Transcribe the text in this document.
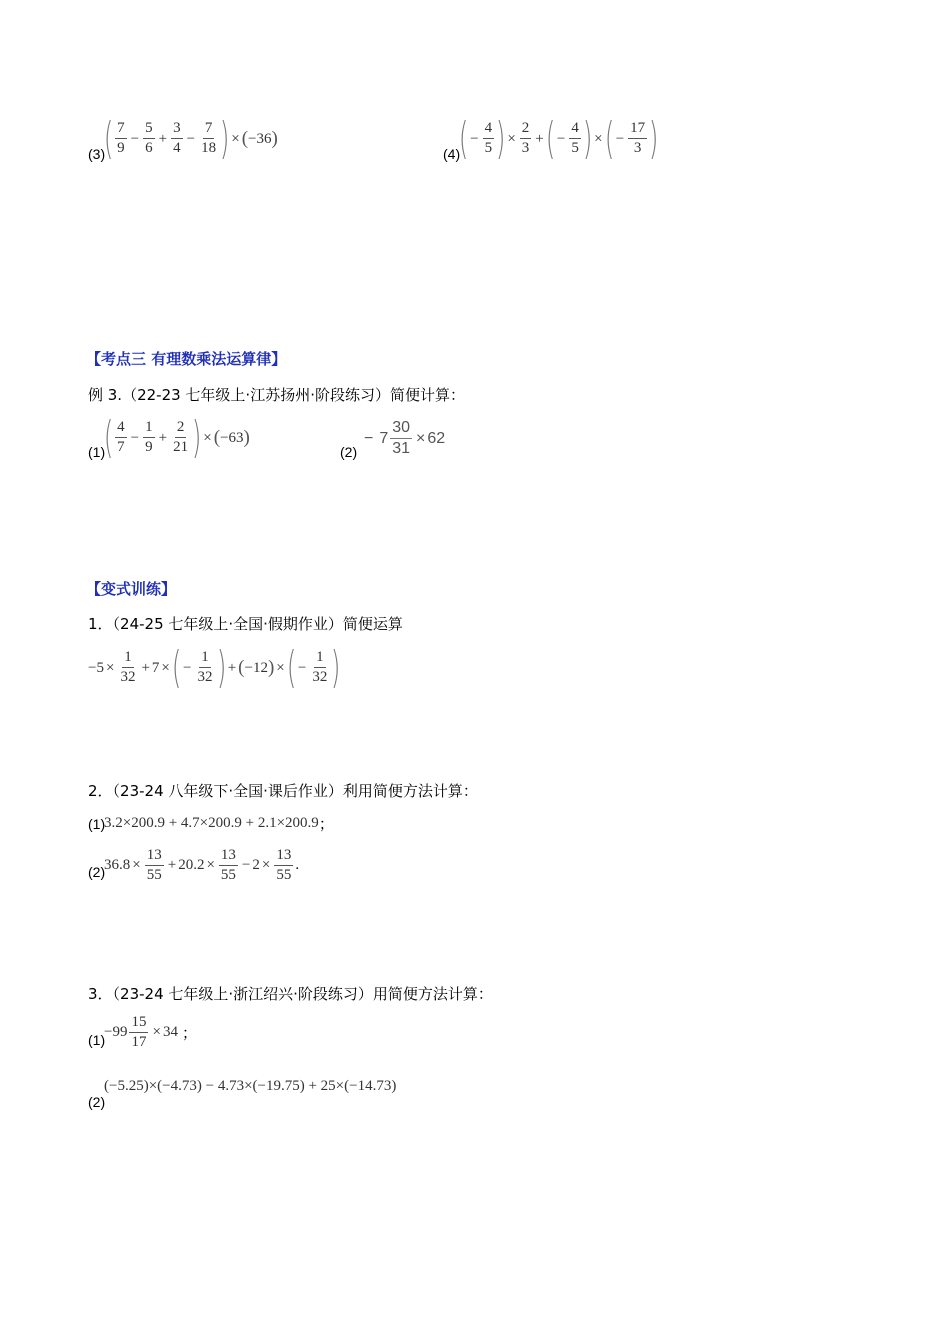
(3)
( $\frac{7}{9} - \frac{5}{6} + \frac{3}{4} - \frac{7}{18}$ ) × ( −36 )
(4)
( − $\frac{4}{5}$ ) × $\frac{2}{3}$ + ( − $\frac{4}{5}$ ) × ( − $\frac{17}{3}$ )
【考点三 有理数乘法运算律】
例 3.（22-23 七年级上·江苏扬州·阶段练习）简便计算：
(1)
( $\frac{4}{7} - \frac{1}{9} + \frac{2}{21}$ ) × ( −63 )
(2)
− $7 \frac{30}{31} \times 62$
【变式训练】
1．（24-25 七年级上·全国·假期作业）简便运算
$-5 \times \frac{1}{32} + 7$ × ( − $\frac{1}{32}$ ) + ( −12 ) × ( − $\frac{1}{32}$ )
2．（23-24 八年级下·全国·课后作业）利用简便方法计算：
(1)
3.2×200.9 + 4.7×200.9 + 2.1×200.9 ；
(2)
$36.8 \times \frac{13}{55} + 20.2 \times \frac{13}{55} - 2 \times \frac{13}{55}$ .
3．（23-24 七年级上·浙江绍兴·阶段练习）用简便方法计算：
(1)
$-99 \frac{15}{17} \times 34$ ；
(2)
(−5.25)×(−4.73) − 4.73×(−19.75) + 25×(−14.73)
